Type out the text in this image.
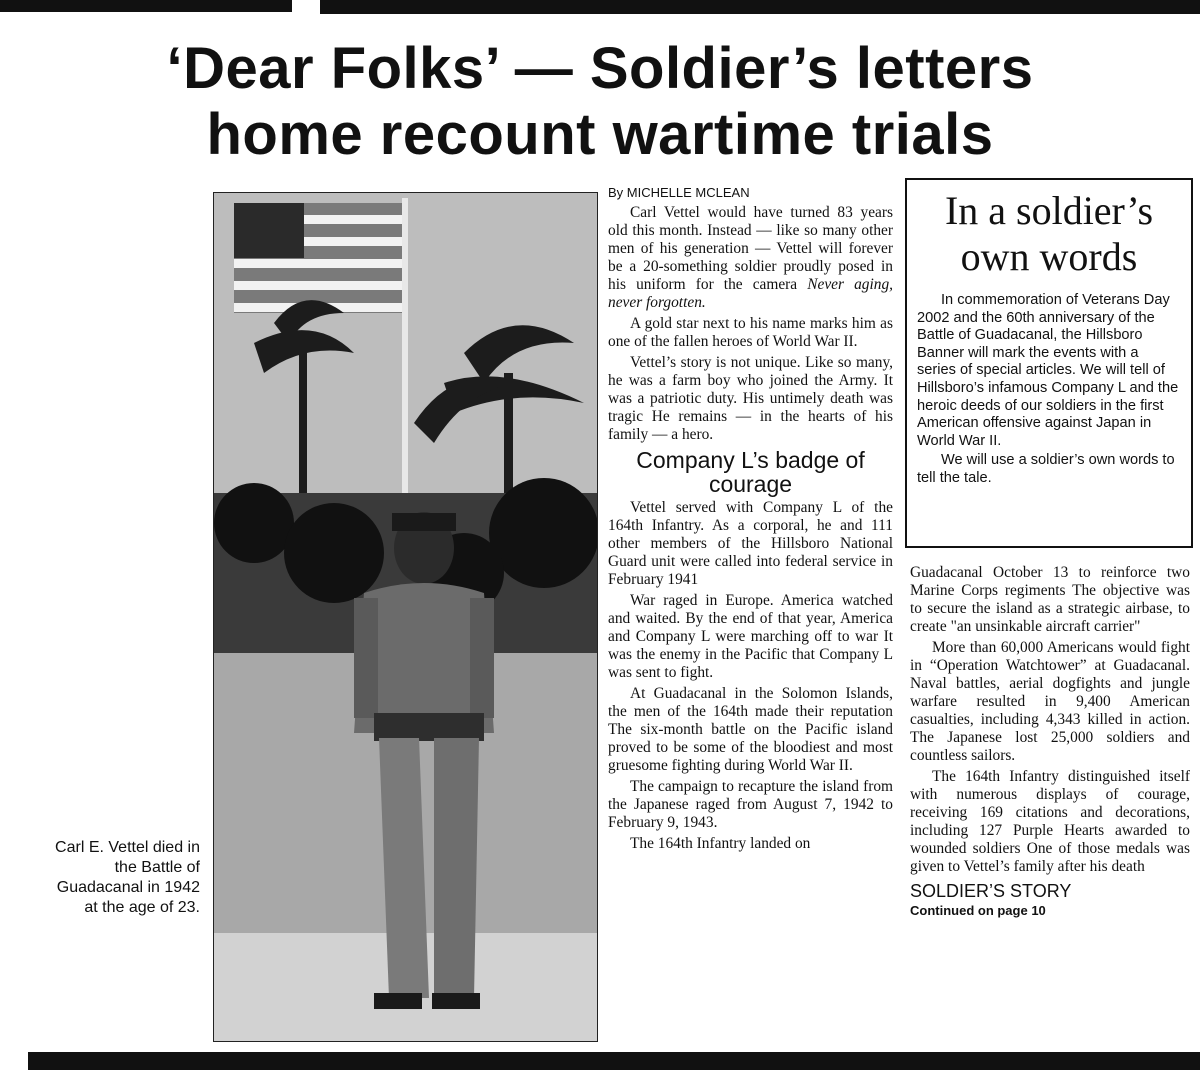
‘Dear Folks’ — Soldier’s letters
home recount wartime trials
Carl E. Vettel died in the Battle of Guadacanal in 1942 at the age of 23.
By MICHELLE MCLEAN

Carl Vettel would have turned 83 years old this month. Instead — like so many other men of his generation — Vettel will forever be a 20-something soldier proudly posed in his uniform for the camera Never aging, never forgotten.

A gold star next to his name marks him as one of the fallen heroes of World War II.

Vettel’s story is not unique. Like so many, he was a farm boy who joined the Army. It was a patriotic duty. His untimely death was tragic He remains — in the hearts of his family — a hero.

Company L’s badge of courage

Vettel served with Company L of the 164th Infantry. As a corporal, he and 111 other members of the Hillsboro National Guard unit were called into federal service in February 1941

War raged in Europe. America watched and waited. By the end of that year, America and Company L were marching off to war It was the enemy in the Pacific that Company L was sent to fight.

At Guadacanal in the Solomon Islands, the men of the 164th made their reputation The six-month battle on the Pacific island proved to be some of the bloodiest and most gruesome fighting during World War II.

The campaign to recapture the island from the Japanese raged from August 7, 1942 to February 9, 1943.

The 164th Infantry landed on

In a soldier’s
own words

In commemoration of Veterans Day 2002 and the 60th anniversary of the Battle of Guadacanal, the Hillsboro Banner will mark the events with a series of special articles. We will tell of Hillsboro’s infamous Company L and the heroic deeds of our soldiers in the first American offensive against Japan in World War II.

We will use a soldier’s own words to tell the tale.

Guadacanal October 13 to reinforce two Marine Corps regiments The objective was to secure the island as a strategic airbase, to create "an unsinkable aircraft carrier"

More than 60,000 Americans would fight in “Operation Watchtower” at Guadacanal. Naval battles, aerial dogfights and jungle warfare resulted in 9,400 American casualties, including 4,343 killed in action. The Japanese lost 25,000 soldiers and countless sailors.

The 164th Infantry distinguished itself with numerous displays of courage, receiving 169 citations and decorations, including 127 Purple Hearts awarded to wounded soldiers One of those medals was given to Vettel’s family after his death

SOLDIER’S STORY
Continued on page 10
